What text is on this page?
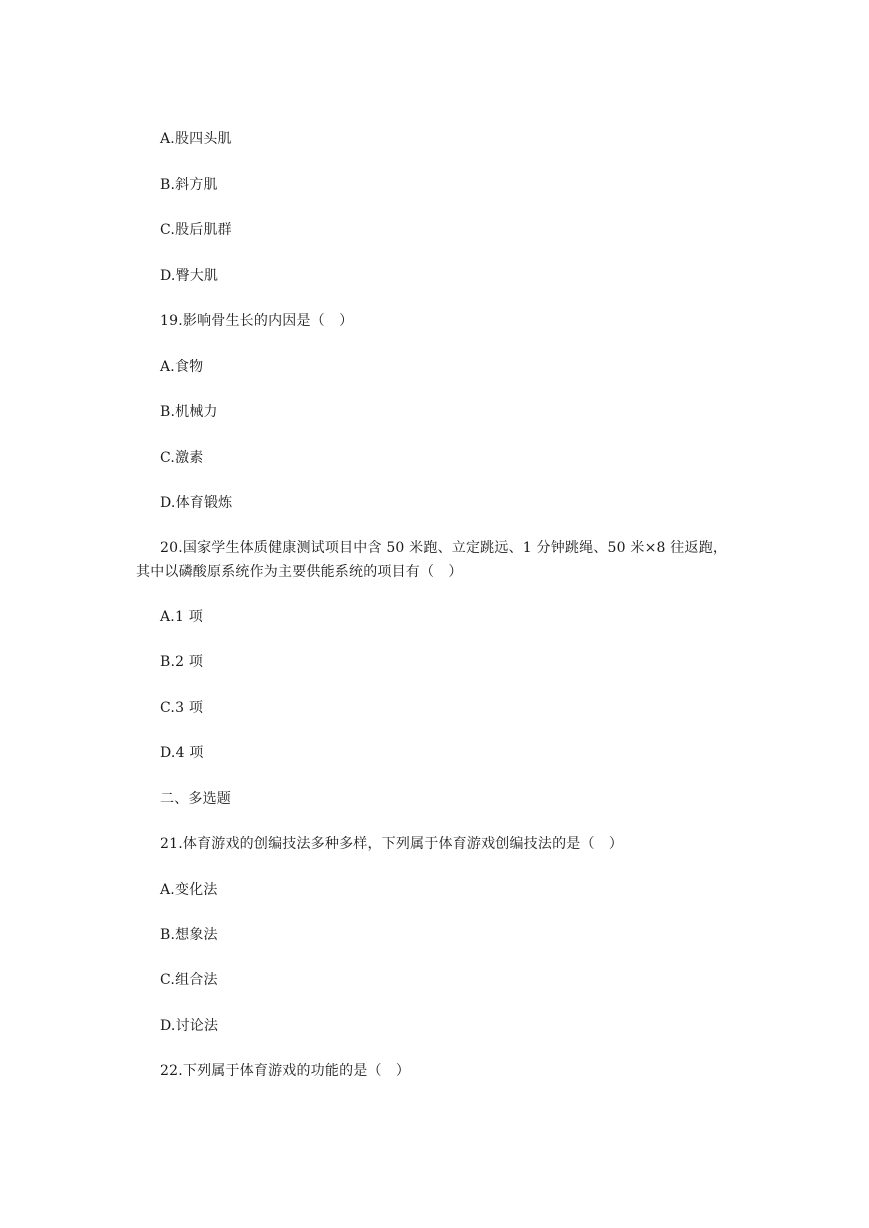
A.股四头肌
B.斜方肌
C.股后肌群
D.臀大肌
19.影响骨生长的内因是（　）
A.食物
B.机械力
C.激素
D.体育锻炼
20.国家学生体质健康测试项目中含 50 米跑、立定跳远、1 分钟跳绳、50 米×8 往返跑，
其中以磷酸原系统作为主要供能系统的项目有（　）
A.1 项
B.2 项
C.3 项
D.4 项
二、多选题
21.体育游戏的创编技法多种多样，下列属于体育游戏创编技法的是（　）
A.变化法
B.想象法
C.组合法
D.讨论法
22.下列属于体育游戏的功能的是（　）
